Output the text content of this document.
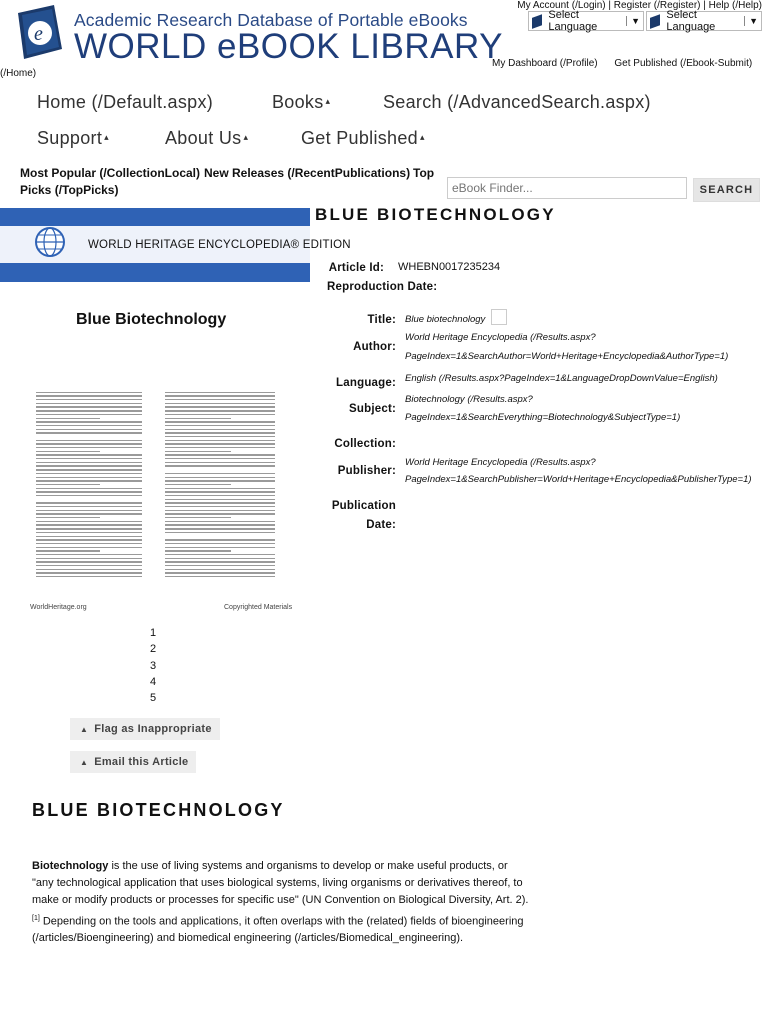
My Account (/Login) | Register (/Register) | Help (/Help)
Select Language	▼ Select Language	▼
e
Academic Research Database of Portable eBooks
WORLD eBOOK LIBRARY
(/Home)
My Dashboard (/Profile) Get Published (/Ebook-Submit)
Home (/Default.aspx)	Books ▴	Search (/AdvancedSearch.aspx)
Support ▴	About Us ▴	Get Published ▴
Most Popular (/CollectionLocal) New Releases (/RecentPublications) Top
Picks (/TopPicks)
eBook Finder...	SEARCH
WORLD HERITAGE ENCYCLOPEDIA® EDITION
Blue Biotechnology
WorldHeritage.org	Copyrighted Materials
1
2
3
4
5
▲ Flag as Inappropriate
▲ Email this Article
BLUE BIOTECHNOLOGY
Article Id: WHEBN0017235234
Reproduction Date:
Title: Blue biotechnology
Author:
World Heritage Encyclopedia (/Results.aspx?
PageIndex=1&SearchAuthor=World+Heritage+Encyclopedia&AuthorType=1)
Language: English (/Results.aspx?PageIndex=1&LanguageDropDownValue=English)
Subject:
Biotechnology (/Results.aspx?
PageIndex=1&SearchEverything=Biotechnology&SubjectType=1)
Collection:
Publisher:
World Heritage Encyclopedia (/Results.aspx?
PageIndex=1&SearchPublisher=World+Heritage+Encyclopedia&PublisherType=1)
Publication
Date:
BLUE BIOTECHNOLOGY
Biotechnology is the use of living systems and organisms to develop or make useful products, or "any technological application that uses biological systems, living organisms or derivatives thereof, to make or modify products or processes for specific use" (UN Convention on Biological Diversity, Art. 2).[1] Depending on the tools and applications, it often overlaps with the (related) fields of bioengineering (/articles/Bioengineering) and biomedical engineering (/articles/Biomedical_engineering).
